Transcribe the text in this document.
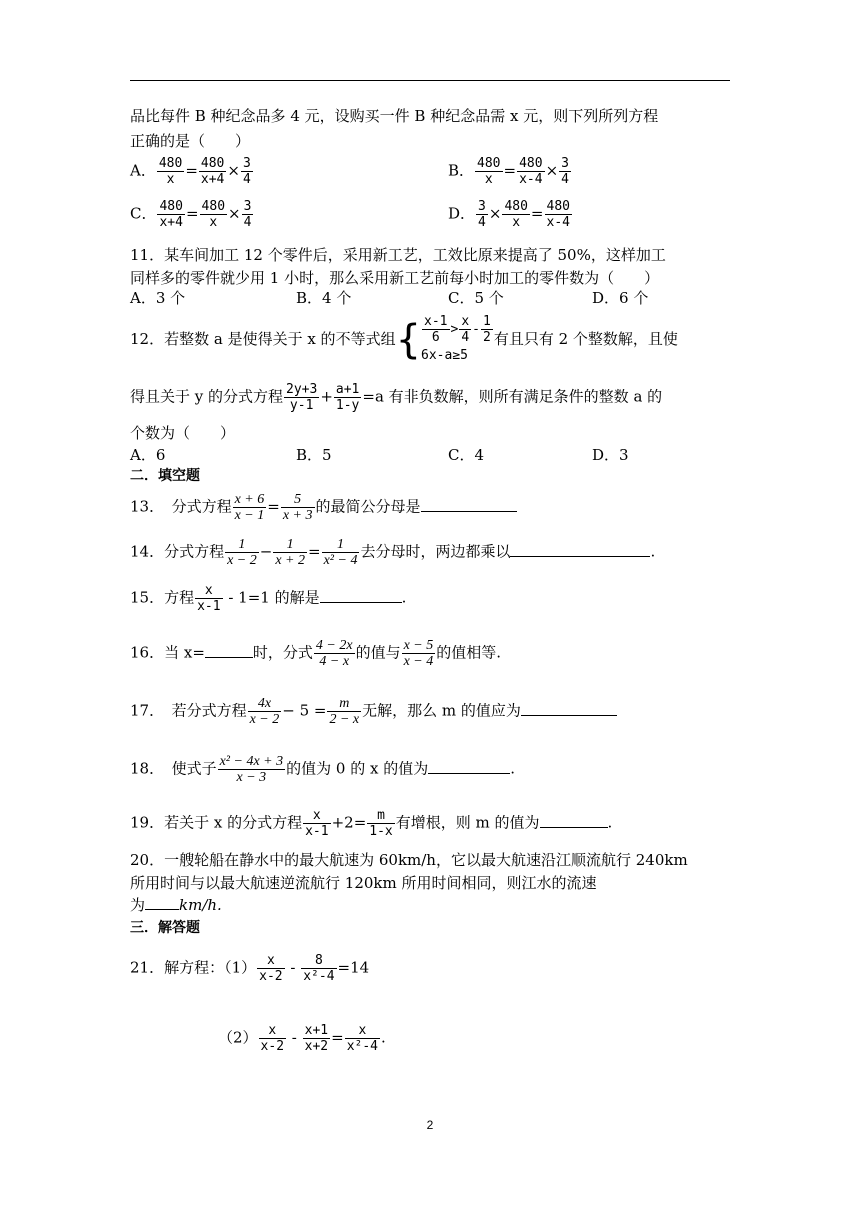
品比每件 B 种纪念品多 4 元，设购买一件 B 种纪念品需 x 元，则下列所列方程
正确的是（　　）
A． $\frac{480}{x} = \frac{480}{x+4} \times \frac{3}{4}$	B． $\frac{480}{x} = \frac{480}{x-4} \times \frac{3}{4}$
C． $\frac{480}{x+4} = \frac{480}{x} \times \frac{3}{4}$	D． $\frac{3}{4} \times \frac{480}{x} = \frac{480}{x-4}$
11．某车间加工 12 个零件后，采用新工艺，工效比原来提高了 50%，这样加工
同样多的零件就少用 1 小时，那么采用新工艺前每小时加工的零件数为（　　）
A．3 个	B．4 个	C．5 个	D．6 个
12．若整数 a 是使得关于 x 的不等式组{ $\frac{x-1}{6} > \frac{x}{4} - \frac{1}{2}$
6x-a≥5
有且只有 2 个整数解，且使
得且关于 y 的分式方程 $\frac{2y+3}{y-1} + \frac{a+1}{1-y} =a$ 有非负数解，则所有满足条件的整数 a 的
个数为（　　）
A．6	B．5	C．4	D．3
二．填空题
13．　分式方程 $\frac{x + 6}{x - 1} = \frac{5}{x + 3}$ 的最简公分母是
14．分式方程 $\frac{1}{x - 2} - \frac{1}{x + 2} = \frac{1}{\text{x² − 4}}$ 去分母时，两边都乘以	.
15．方程 $\frac{x}{x-1} - 1=1$ 的解是	.
16．当 x=	时，分式 $\frac{4 - 2x}{4 - x}$ 的值与 $\frac{x - 5}{x - 4}$ 的值相等.
17．　若分式方程 $\frac{4x}{x - 2} - 5 = \frac{m}{2 - x}$ 无解，那么 m 的值应为
18．　使式子 $\frac{\text{x² − 4x + 3}}{x - 3}$ 的值为 0 的 x 的值为	.
19．若关于 x 的分式方程 $\frac{x}{x-1} +2= \frac{m}{1-x}$ 有增根，则 m 的值为	.
20．一艘轮船在静水中的最大航速为 60km/h，它以最大航速沿江顺流航行 240km
所用时间与以最大航速逆流航行 120km 所用时间相同，则江水的流速
为 km/h.
三．解答题
21．解方程：$(1) \frac{x}{x-2} - \frac{8}{\text{x²-4}} =14$
$(2) \frac{x}{x-2} - \frac{x+1}{x+2} = \frac{x}{\text{x²-4}}$ .
2
